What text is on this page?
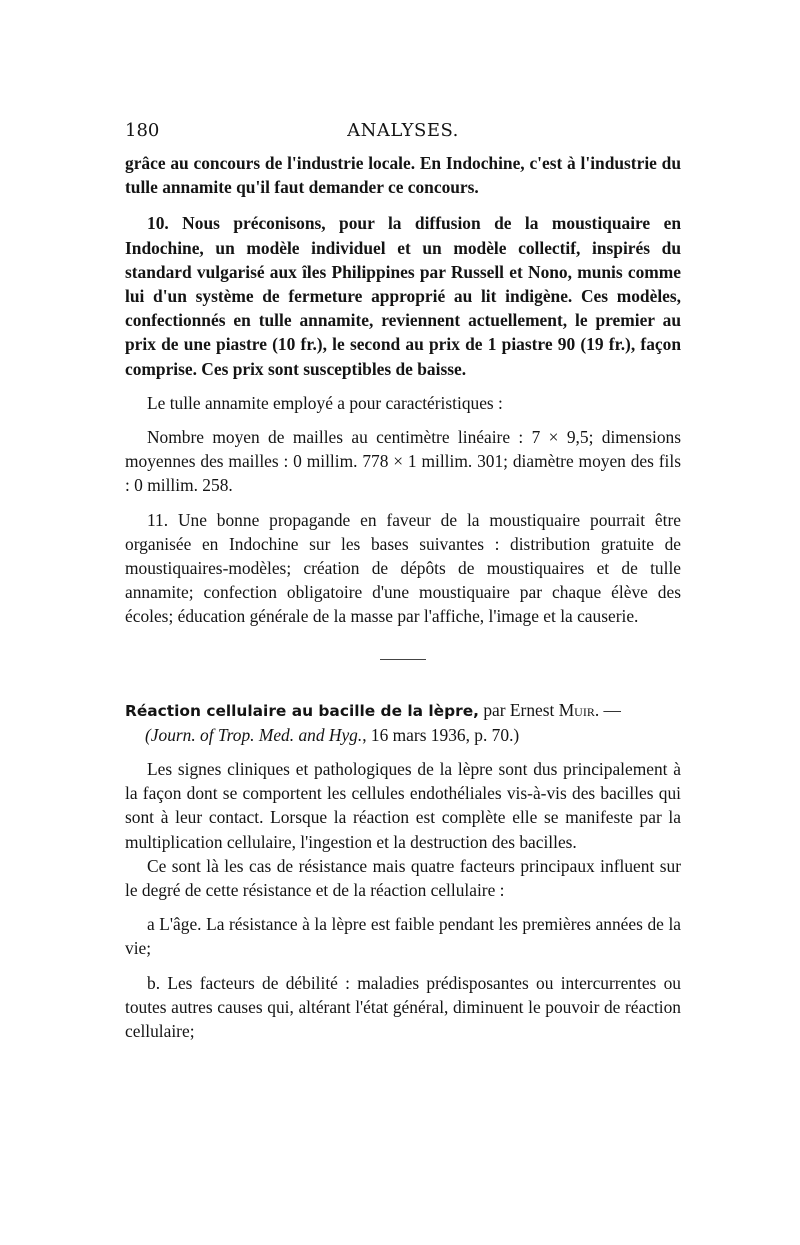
180	ANALYSES.

grâce au concours de l'industrie locale. En Indochine, c'est à l'industrie du tulle annamite qu'il faut demander ce concours.

10. Nous préconisons, pour la diffusion de la moustiquaire en Indochine, un modèle individuel et un modèle collectif, inspirés du standard vulgarisé aux îles Philippines par Russell et Nono, munis comme lui d'un système de fermeture approprié au lit indigène. Ces modèles, confectionnés en tulle annamite, reviennent actuellement, le premier au prix de une piastre (10 fr.), le second au prix de 1 piastre 90 (19 fr.), façon comprise. Ces prix sont susceptibles de baisse.

Le tulle annamite employé a pour caractéristiques :

Nombre moyen de mailles au centimètre linéaire : 7 × 9,5; dimensions moyennes des mailles : 0 millim. 778 × 1 millim. 301; diamètre moyen des fils : 0 millim. 258.

11. Une bonne propagande en faveur de la moustiquaire pourrait être organisée en Indochine sur les bases suivantes : distribution gratuite de moustiquaires-modèles; création de dépôts de moustiquaires et de tulle annamite; confection obligatoire d'une moustiquaire par chaque élève des écoles; éducation générale de la masse par l'affiche, l'image et la causerie.

Réaction cellulaire au bacille de la lèpre, par Ernest Muir. —

(Journ. of Trop. Med. and Hyg., 16 mars 1936, p. 70.)

Les signes cliniques et pathologiques de la lèpre sont dus principalement à la façon dont se comportent les cellules endothéliales vis-à-vis des bacilles qui sont à leur contact. Lorsque la réaction est complète elle se manifeste par la multiplication cellulaire, l'ingestion et la destruction des bacilles.

Ce sont là les cas de résistance mais quatre facteurs principaux influent sur le degré de cette résistance et de la réaction cellulaire :

a L'âge. La résistance à la lèpre est faible pendant les premières années de la vie;

b. Les facteurs de débilité : maladies prédisposantes ou intercurrentes ou toutes autres causes qui, altérant l'état général, diminuent le pouvoir de réaction cellulaire;
